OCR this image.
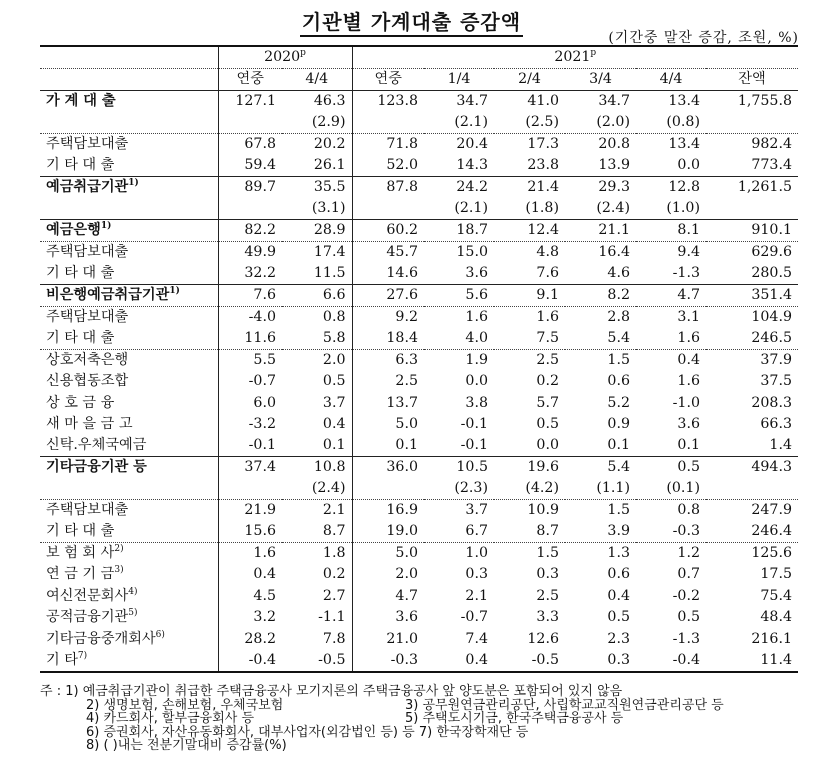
기관별 가계대출 증감액
(기간중 말잔 증감, 조원, %)
	2020$^p$		2021$^p$
	연중	4/4	연중	1/4	2/4	3/4	4/4	잔액
가 계 대 출	127.1	46.3	123.8	34.7	41.0	34.7	13.4	1,755.8
		(2.9)		(2.1)	(2.5)	(2.0)	(0.8)	
주택담보대출	67.8	20.2	71.8	20.4	17.3	20.8	13.4	982.4
기 타 대 출	59.4	26.1	52.0	14.3	23.8	13.9	0.0	773.4
예금취급기관$^{1)}$	89.7	35.5	87.8	24.2	21.4	29.3	12.8	1,261.5
		(3.1)		(2.1)	(1.8)	(2.4)	(1.0)	
예금은행$^{1)}$	82.2	28.9	60.2	18.7	12.4	21.1	8.1	910.1
주택담보대출	49.9	17.4	45.7	15.0	4.8	16.4	9.4	629.6
기 타 대 출	32.2	11.5	14.6	3.6	7.6	4.6	-1.3	280.5
비은행예금취급기관$^{1)}$	7.6	6.6	27.6	5.6	9.1	8.2	4.7	351.4
주택담보대출	-4.0	0.8	9.2	1.6	1.6	2.8	3.1	104.9
기 타 대 출	11.6	5.8	18.4	4.0	7.5	5.4	1.6	246.5
상호저축은행	5.5	2.0	6.3	1.9	2.5	1.5	0.4	37.9
신용협동조합	-0.7	0.5	2.5	0.0	0.2	0.6	1.6	37.5
상 호 금 융	6.0	3.7	13.7	3.8	5.7	5.2	-1.0	208.3
새 마 을 금 고	-3.2	0.4	5.0	-0.1	0.5	0.9	3.6	66.3
신탁.우체국예금	-0.1	0.1	0.1	-0.1	0.0	0.1	0.1	1.4
기타금융기관 등	37.4	10.8	36.0	10.5	19.6	5.4	0.5	494.3
		(2.4)		(2.3)	(4.2)	(1.1)	(0.1)	
주택담보대출	21.9	2.1	16.9	3.7	10.9	1.5	0.8	247.9
기 타 대 출	15.6	8.7	19.0	6.7	8.7	3.9	-0.3	246.4
보 험 회 사$^{2)}$	1.6	1.8	5.0	1.0	1.5	1.3	1.2	125.6
연 금 기 금$^{3)}$	0.4	0.2	2.0	0.3	0.3	0.6	0.7	17.5
여신전문회사$^{4)}$	4.5	2.7	4.7	2.1	2.5	0.4	-0.2	75.4
공적금융기관$^{5)}$	3.2	-1.1	3.6	-0.7	3.3	0.5	0.5	48.4
기타금융중개회사$^{6)}$	28.2	7.8	21.0	7.4	12.6	2.3	-1.3	216.1
기 타$^{7)}$	-0.4	-0.5	-0.3	0.4	-0.5	0.3	-0.4	11.4
주 : 1) 예금취급기관이 취급한 주택금융공사 모기지론의 주택금융공사 앞 양도분은 포함되어 있지 않음
2) 생명보험, 손해보험, 우체국보험	3) 공무원연금관리공단, 사립학교교직원연금관리공단 등
4) 카드회사, 할부금융회사 등	5) 주택도시기금, 한국주택금융공사 등
6) 증권회사, 자산유동화회사, 대부사업자(외감법인 등) 등 7) 한국장학재단 등
8) ( )내는 전분기말대비 증감률(%)
